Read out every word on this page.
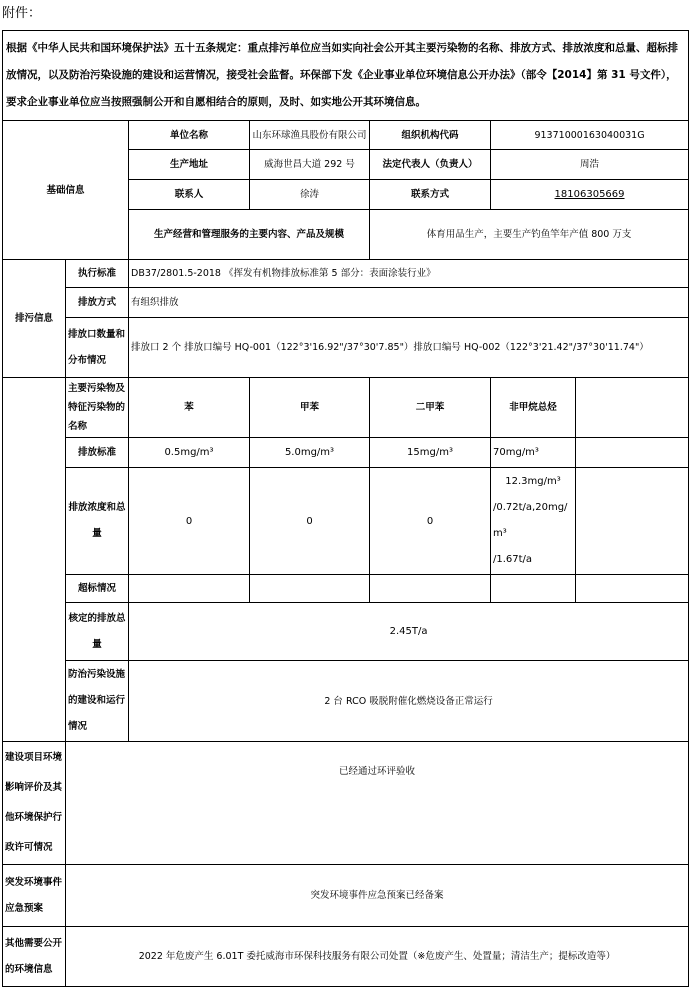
附件：
根据《中华人民共和国环境保护法》五十五条规定：重点排污单位应当如实向社会公开其主要污染物的名称、排放方式、排放浓度和总量、超标排放情况，以及防治污染设施的建设和运营情况，接受社会监督。环保部下发《企业事业单位环境信息公开办法》（部令【2014】第 31 号文件），要求企业事业单位应当按照强制公开和自愿相结合的原则，及时、如实地公开其环境信息。						
基础信息		单位名称	山东环球渔具股份有限公司	组织机构代码	91371000163040031G	
		生产地址	威海世昌大道 292 号	法定代表人（负责人）	周浩	
		联系人	徐涛	联系方式	18106305669	
		生产经营和管理服务的主要内容、产品及规模		体育用品生产，主要生产钓鱼竿年产值 800 万支		
排污信息	执行标准	DB37/2801.5-2018 《挥发有机物排放标准第 5 部分：表面涂装行业》				
	排放方式	有组织排放				
	排放口数量和分布情况	排放口 2 个 排放口编号 HQ-001（122°3'16.92"/37°30'7.85"）排放口编号 HQ-002（122°3'21.42"/37°30'11.74"）				
	主要污染物及特征污染物的名称	苯	甲苯	二甲苯	非甲烷总烃	
	排放标准	0.5mg/m³	5.0mg/m³	15mg/m³	70mg/m³	
	排放浓度和总量	0	0	0	12.3mg/m³
/0.72t/a,20mg/m³
/1.67t/a	

	超标情况					
	核定的排放总量	2.45T/a				
	防治污染设施的建设和运行情况	2 台 RCO 吸脱附催化燃烧设备正常运行				
建设项目环境影响评价及其他环境保护行政许可情况	已经通过环评验收					
突发环境事件应急预案	突发环境事件应急预案已经备案					
其他需要公开的环境信息	2022 年危废产生 6.01T 委托威海市环保科技服务有限公司处置（※危废产生、处置量；清洁生产；提标改造等）					
